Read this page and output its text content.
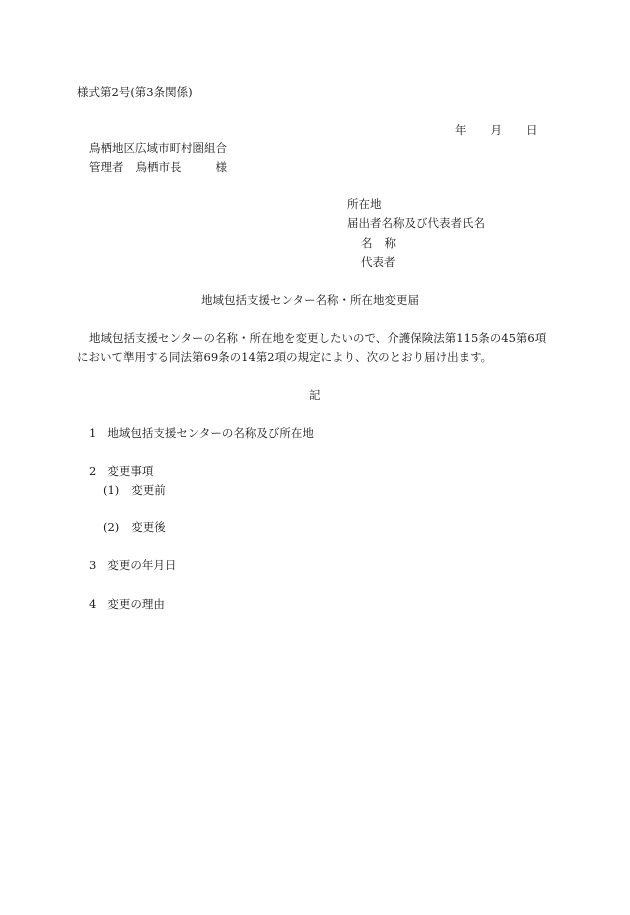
様式第2号(第3条関係)
年 月 日
鳥栖地区広域市町村圏組合
管理者 鳥栖市長	様
所在地
届出者名称及び代表者氏名
名 称
代表者
地域包括支援センター名称・所在地変更届
地域包括支援センターの名称・所在地を変更したいので、介護保険法第115条の45第6項
において準用する同法第69条の14第2項の規定により、次のとおり届け出ます。
記
1 地域包括支援センターの名称及び所在地
2 変更事項
(1) 変更前
(2) 変更後
3 変更の年月日
4 変更の理由
